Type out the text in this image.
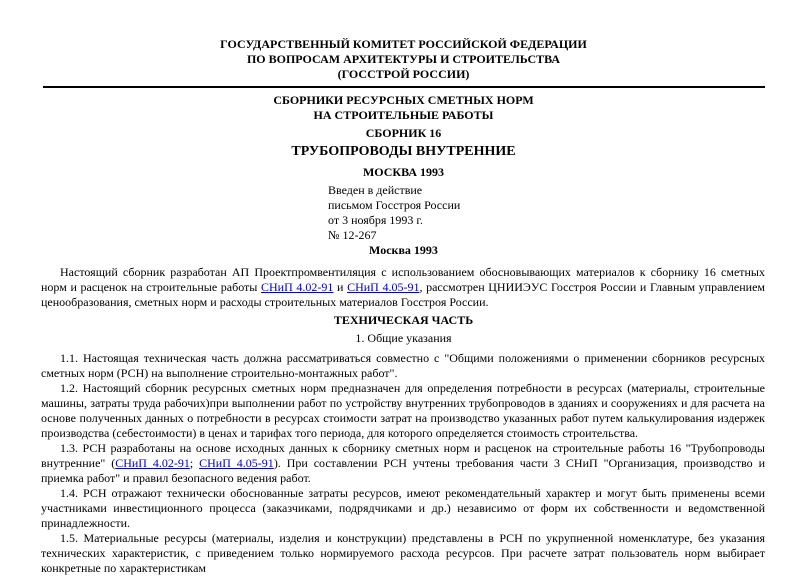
ГОСУДАРСТВЕННЫЙ КОМИТЕТ РОССИЙСКОЙ ФЕДЕРАЦИИ
ПО ВОПРОСАМ АРХИТЕКТУРЫ И СТРОИТЕЛЬСТВА
(ГОССТРОЙ РОССИИ)
СБОРНИКИ РЕСУРСНЫХ СМЕТНЫХ НОРМ
НА СТРОИТЕЛЬНЫЕ РАБОТЫ
СБОРНИК 16
ТРУБОПРОВОДЫ ВНУТРЕННИЕ
МОСКВА 1993
Введен в действие
письмом Госстроя России
от 3 ноября 1993 г.
№ 12-267
Москва 1993

Настоящий сборник разработан АП Проектпромвентиляция с использованием обосновывающих материалов к сборнику 16 сметных норм и расценок на строительные работы СНиП 4.02-91 и СНиП 4.05-91, рассмотрен ЦНИИЭУС Госстроя России и Главным управлением ценообразования, сметных норм и расходы строительных материалов Госстроя России.

ТЕХНИЧЕСКАЯ ЧАСТЬ
1. Общие указания

1.1. Настоящая техническая часть должна рассматриваться совместно с "Общими положениями о применении сборников ресурсных сметных норм (РСН) на выполнение строительно-монтажных работ".

1.2. Настоящий сборник ресурсных сметных норм предназначен для определения потребности в ресурсах (материалы, строительные машины, затраты труда рабочих)при выполнении работ по устройству внутренних трубопроводов в зданиях и сооружениях и для расчета на основе полученных данных о потребности в ресурсах стоимости затрат на производство указанных работ путем калькулирования издержек производства (себестоимости) в ценах и тарифах того периода, для которого определяется стоимость строительства.

1.3. РСН разработаны на основе исходных данных к сборнику сметных норм и расценок на строительные работы 16 "Трубопроводы внутренние" (СНиП 4.02-91; СНиП 4.05-91). При составлении РСН учтены требования части 3 СНиП "Организация, производство и приемка работ" и правил безопасного ведения работ.

1.4. РСН отражают технически обоснованные затраты ресурсов, имеют рекомендательный характер и могут быть применены всеми участниками инвестиционного процесса (заказчиками, подрядчиками и др.) независимо от форм их собственности и ведомственной принадлежности.

1.5. Материальные ресурсы (материалы, изделия и конструкции) представлены в РСН по укрупненной номенклатуре, без указания технических характеристик, с приведением только нормируемого расхода ресурсов. При расчете затрат пользователь норм выбирает конкретные по характеристикам
